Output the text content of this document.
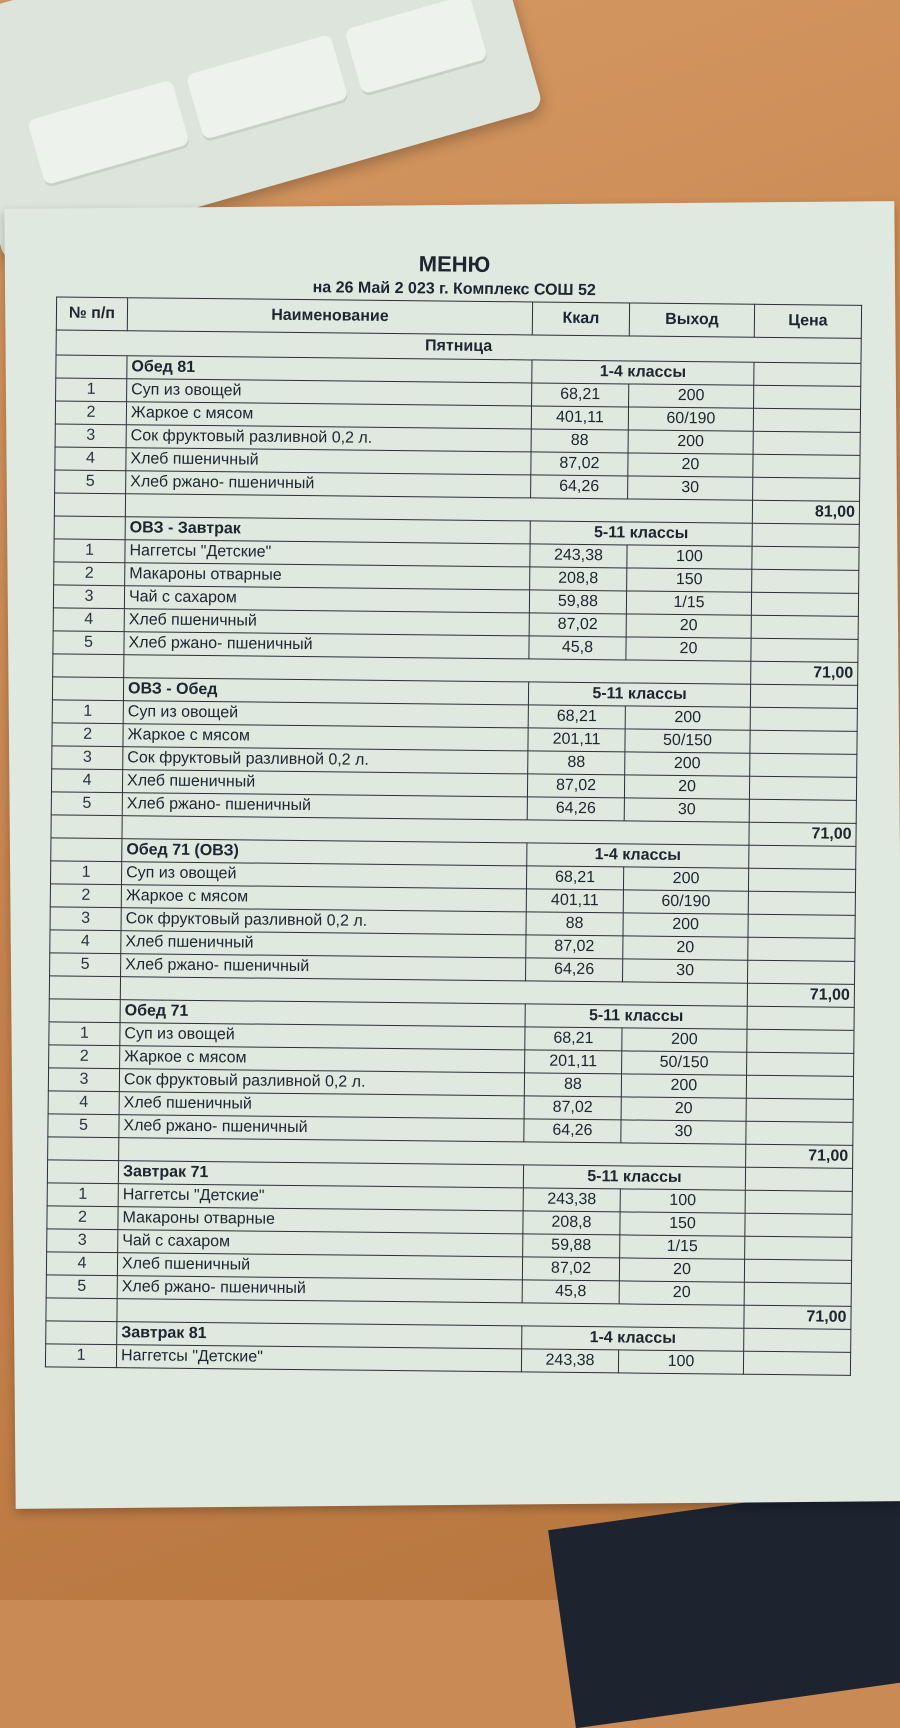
МЕНЮ
на 26 Май 2 023 г. Комплекс СОШ 52
№ п/п	Наименование	Ккал	Выход	Цена
Пятница				
	Обед 81	1-4 классы		
1	Суп из овощей	68,21	200	
2	Жаркое с мясом	401,11	60/190	
3	Сок фруктовый разливной 0,2 л.	88	200	
4	Хлеб пшеничный	87,02	20	
5	Хлеб ржано- пшеничный	64,26	30	
				81,00
	ОВЗ - Завтрак	5-11 классы		
1	Наггетсы "Детские"	243,38	100	
2	Макароны отварные	208,8	150	
3	Чай с сахаром	59,88	1/15	
4	Хлеб пшеничный	87,02	20	
5	Хлеб ржано- пшеничный	45,8	20	
				71,00
	ОВЗ - Обед	5-11 классы		
1	Суп из овощей	68,21	200	
2	Жаркое с мясом	201,11	50/150	
3	Сок фруктовый разливной 0,2 л.	88	200	
4	Хлеб пшеничный	87,02	20	
5	Хлеб ржано- пшеничный	64,26	30	
				71,00
	Обед 71 (ОВЗ)	1-4 классы		
1	Суп из овощей	68,21	200	
2	Жаркое с мясом	401,11	60/190	
3	Сок фруктовый разливной 0,2 л.	88	200	
4	Хлеб пшеничный	87,02	20	
5	Хлеб ржано- пшеничный	64,26	30	
				71,00
	Обед 71	5-11 классы		
1	Суп из овощей	68,21	200	
2	Жаркое с мясом	201,11	50/150	
3	Сок фруктовый разливной 0,2 л.	88	200	
4	Хлеб пшеничный	87,02	20	
5	Хлеб ржано- пшеничный	64,26	30	
				71,00
	Завтрак 71	5-11 классы		
1	Наггетсы "Детские"	243,38	100	
2	Макароны отварные	208,8	150	
3	Чай с сахаром	59,88	1/15	
4	Хлеб пшеничный	87,02	20	
5	Хлеб ржано- пшеничный	45,8	20	
				71,00
	Завтрак 81	1-4 классы		
1	Наггетсы "Детские"	243,38	100	
